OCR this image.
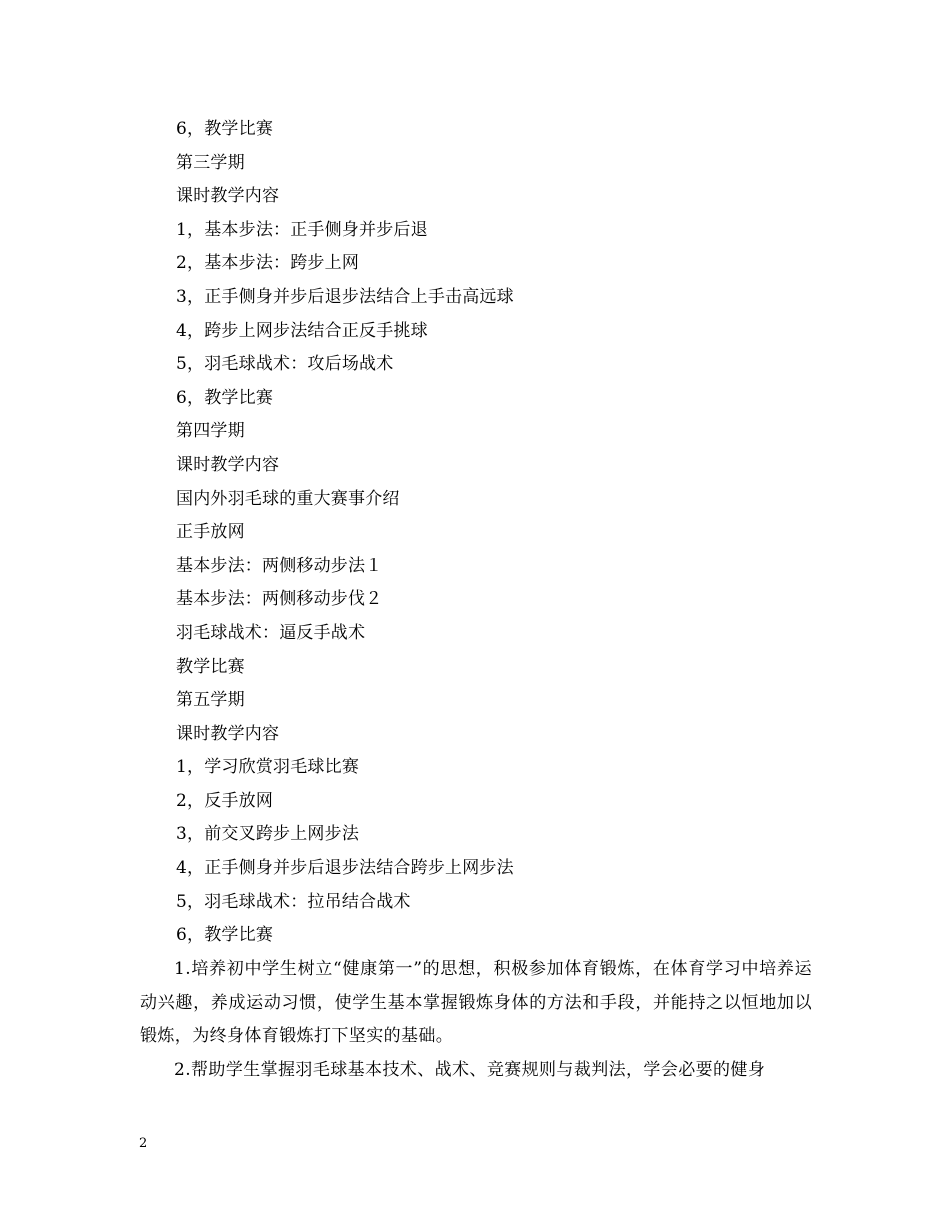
6，教学比赛
第三学期
课时教学内容
1，基本步法：正手侧身并步后退
2，基本步法：跨步上网
3，正手侧身并步后退步法结合上手击高远球
4，跨步上网步法结合正反手挑球
5，羽毛球战术：攻后场战术
6，教学比赛
第四学期
课时教学内容
国内外羽毛球的重大赛事介绍
正手放网
基本步法：两侧移动步法１
基本步法：两侧移动步伐２
羽毛球战术：逼反手战术
教学比赛
第五学期
课时教学内容
1，学习欣赏羽毛球比赛
2，反手放网
3，前交叉跨步上网步法
4，正手侧身并步后退步法结合跨步上网步法
5，羽毛球战术：拉吊结合战术
6，教学比赛
1.培养初中学生树立“健康第一”的思想，积极参加体育锻炼，在体育学习中培养运动兴趣，养成运动习惯，使学生基本掌握锻炼身体的方法和手段，并能持之以恒地加以锻炼，为终身体育锻炼打下坚实的基础。
2.帮助学生掌握羽毛球基本技术、战术、竞赛规则与裁判法，学会必要的健身
2
